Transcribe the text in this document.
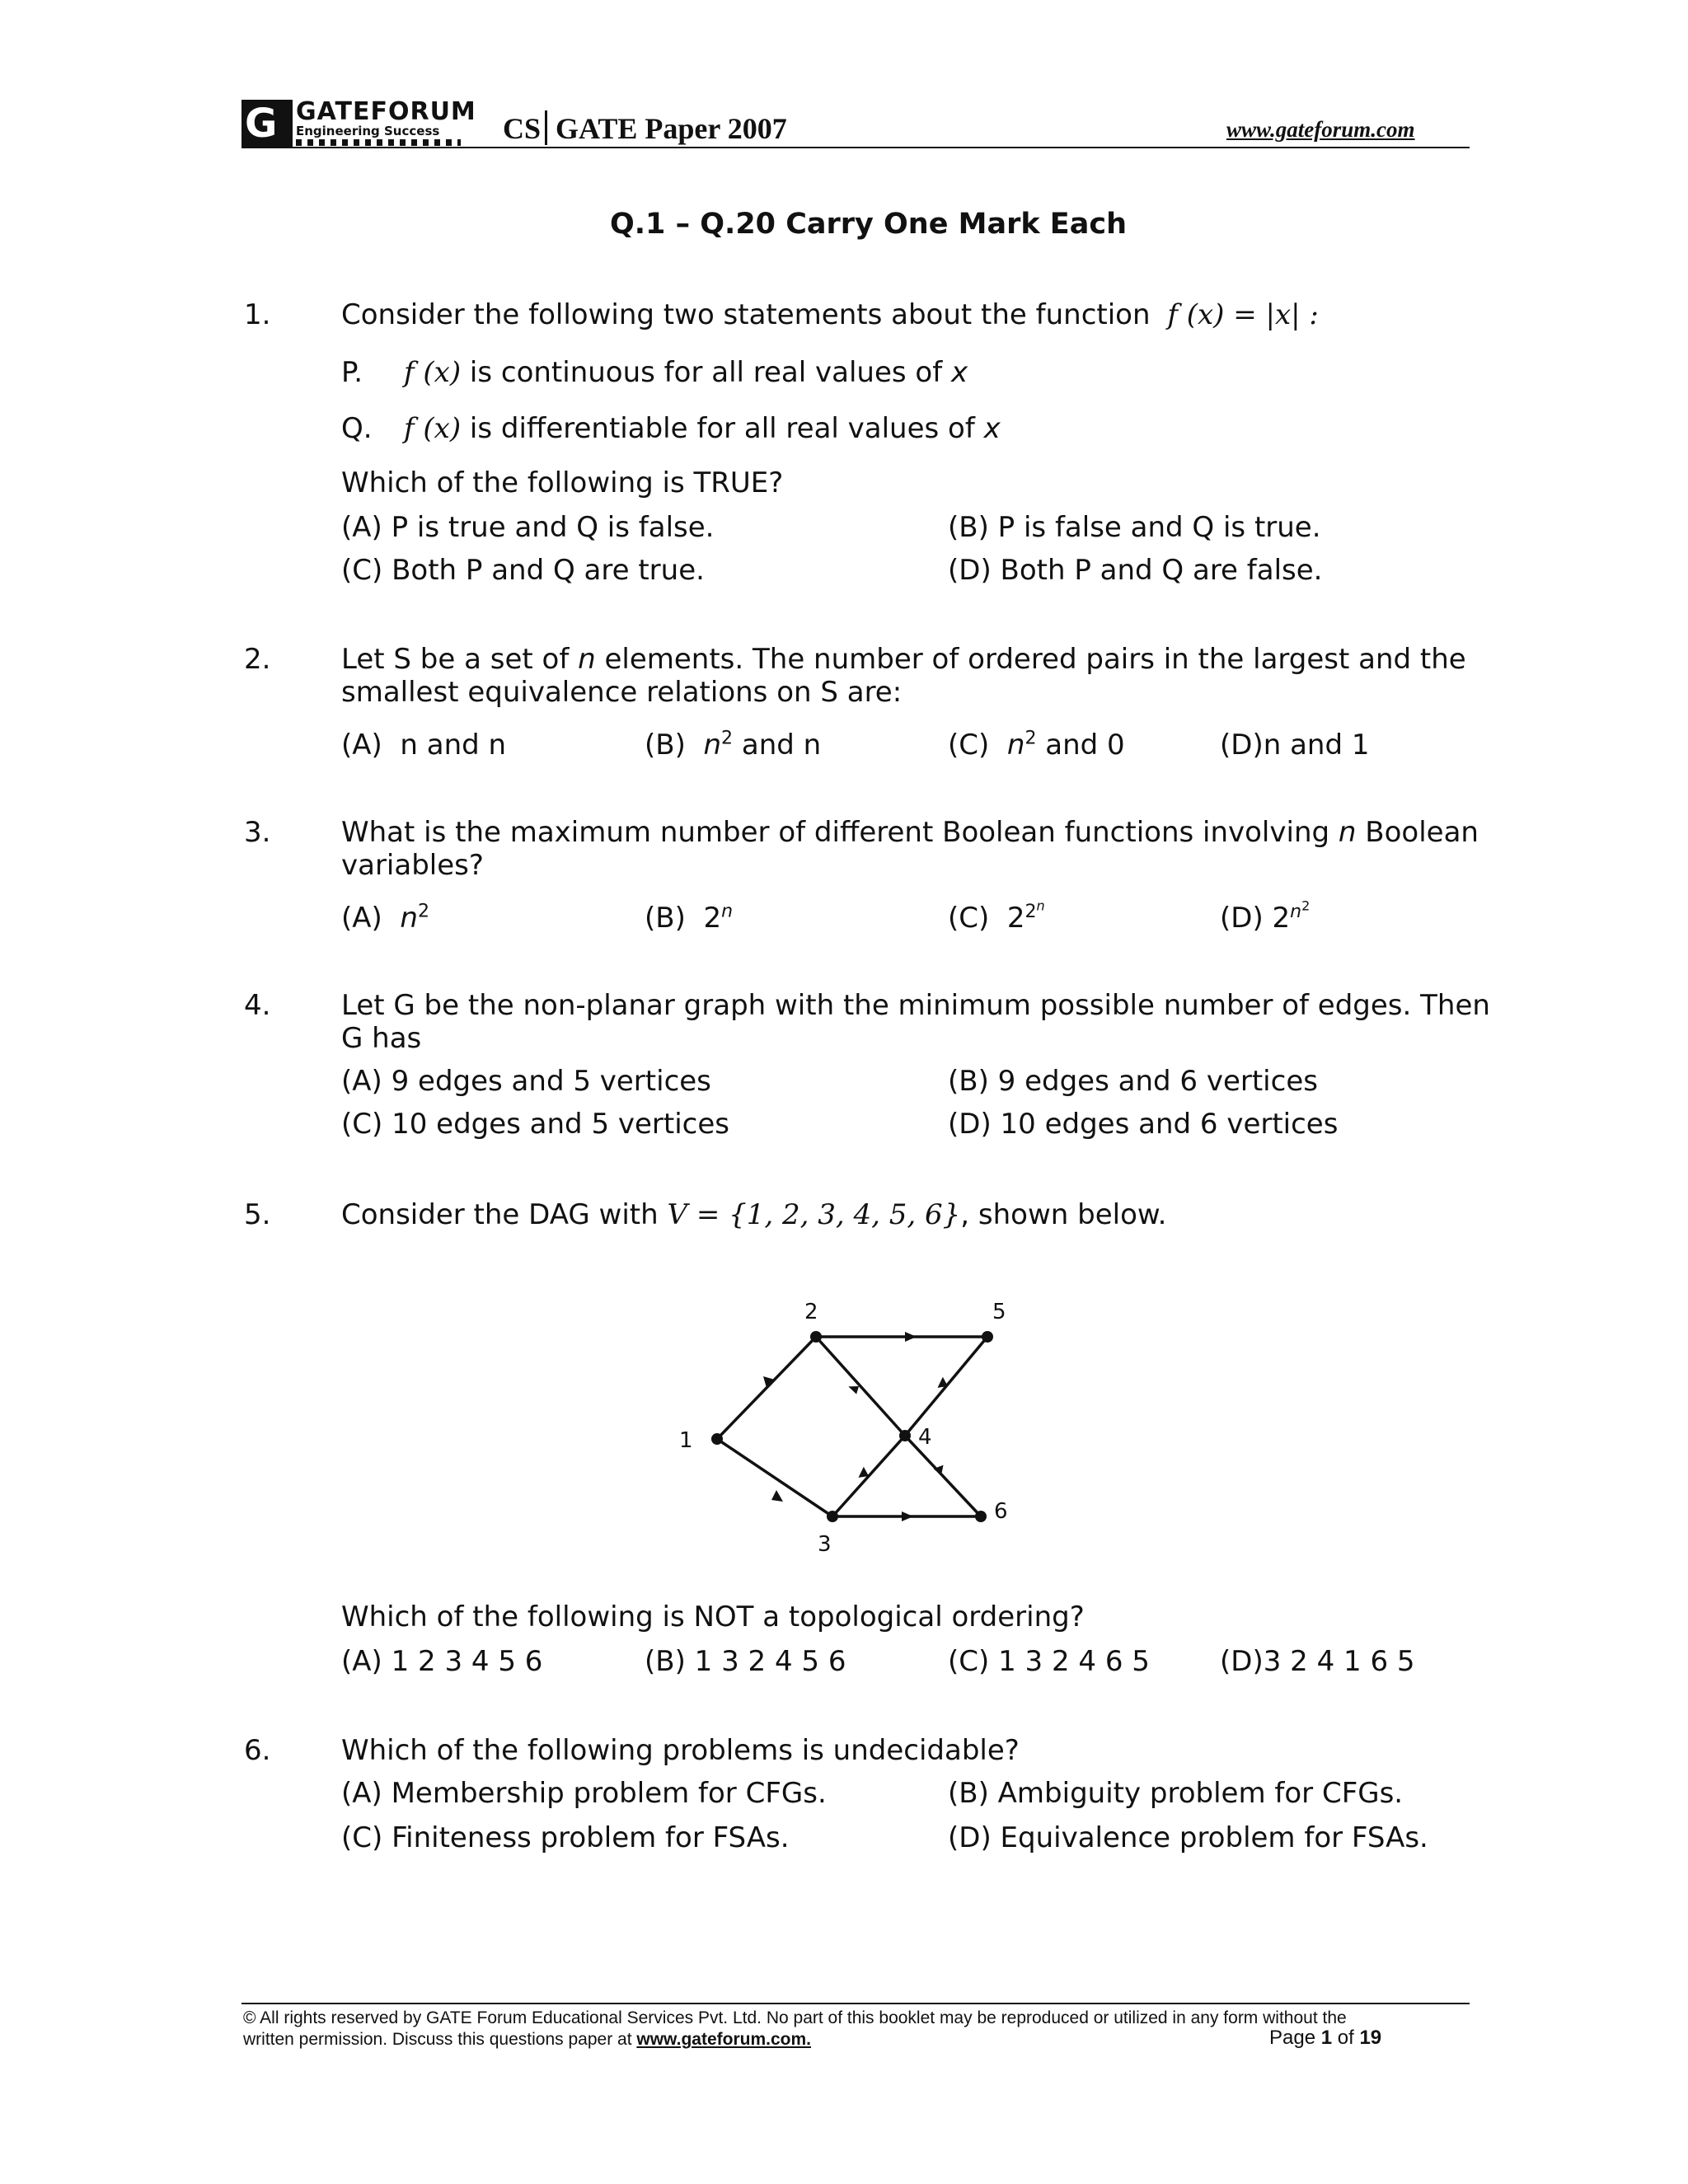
G GATEFORUM
Engineering Success CS GATE Paper 2007	www.gateforum.com
Q.1 – Q.20 Carry One Mark Each
1.	Consider the following two statements about the function f (x) = |x| :
P. f (x) is continuous for all real values of x
Q. f (x) is differentiable for all real values of x
Which of the following is TRUE?
(A) P is true and Q is false.	(B) P is false and Q is true.
(C) Both P and Q are true.	(D) Both P and Q are false.
2.	Let S be a set of n elements. The number of ordered pairs in the largest and the
smallest equivalence relations on S are:
(A) n and n	(B) $n^2$ and n	(C) $n^2$ and 0	(D)n and 1
3.	What is the maximum number of different Boolean functions involving n Boolean
variables?
(A) $n^2$	(B) 2$^n$	(C) $2^{2^n}$	(D) $2^{n^2}$
4.	Let G be the non-planar graph with the minimum possible number of edges. Then
G has
(A) 9 edges and 5 vertices	(B) 9 edges and 6 vertices
(C) 10 edges and 5 vertices	(D) 10 edges and 6 vertices
5.	Consider the DAG with V = {1, 2, 3, 4, 5, 6}, shown below.
1
2
3
4
5
6
Which of the following is NOT a topological ordering?
(A) 1 2 3 4 5 6	(B) 1 3 2 4 5 6	(C) 1 3 2 4 6 5	(D)3 2 4 1 6 5
6.	Which of the following problems is undecidable?
(A) Membership problem for CFGs.	(B) Ambiguity problem for CFGs.
(C) Finiteness problem for FSAs.	(D) Equivalence problem for FSAs.
© All rights reserved by GATE Forum Educational Services Pvt. Ltd. No part of this booklet may be reproduced or utilized in any form without the
written permission. Discuss this questions paper at www.gateforum.com.	Page 1 of 19
